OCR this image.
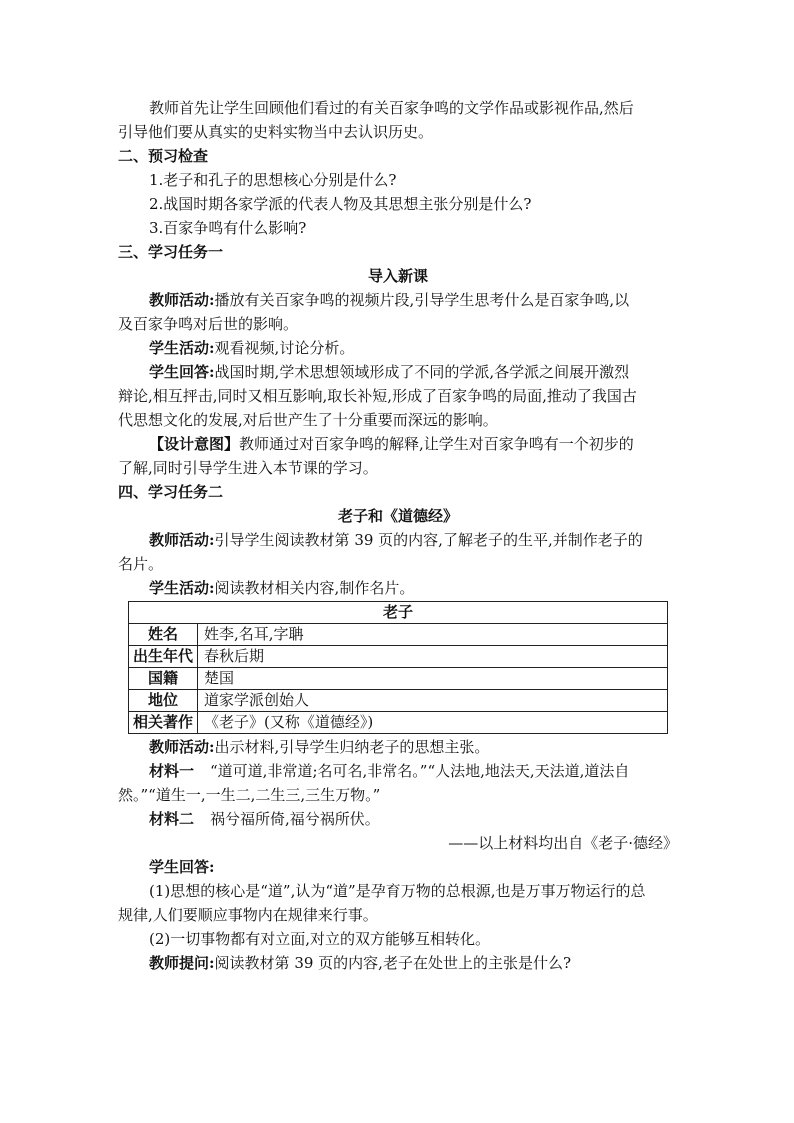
教师首先让学生回顾他们看过的有关百家争鸣的文学作品或影视作品,然后
引导他们要从真实的史料实物当中去认识历史。
二、预习检查
1.老子和孔子的思想核心分别是什么?
2.战国时期各家学派的代表人物及其思想主张分别是什么?
3.百家争鸣有什么影响?
三、学习任务一
导入新课
教师活动:播放有关百家争鸣的视频片段,引导学生思考什么是百家争鸣,以
及百家争鸣对后世的影响。
学生活动:观看视频,讨论分析。
学生回答:战国时期,学术思想领域形成了不同的学派,各学派之间展开激烈
辩论,相互抨击,同时又相互影响,取长补短,形成了百家争鸣的局面,推动了我国古
代思想文化的发展,对后世产生了十分重要而深远的影响。
【设计意图】教师通过对百家争鸣的解释,让学生对百家争鸣有一个初步的
了解,同时引导学生进入本节课的学习。
四、学习任务二
老子和《道德经》
教师活动:引导学生阅读教材第 39 页的内容,了解老子的生平,并制作老子的
名片。
学生活动:阅读教材相关内容,制作名片。
老子	
姓名	姓李,名耳,字聃
出生年代	春秋后期
国籍	楚国
地位	道家学派创始人
相关著作	《老子》(又称《道德经》)
教师活动:出示材料,引导学生归纳老子的思想主张。
材料一 “道可道,非常道;名可名,非常名。”“人法地,地法天,天法道,道法自
然。”“道生一,一生二,二生三,三生万物。”
材料二 祸兮福所倚,福兮祸所伏。
——以上材料均出自《老子·德经》
学生回答:
(1)思想的核心是“道”,认为“道”是孕育万物的总根源,也是万事万物运行的总
规律,人们要顺应事物内在规律来行事。
(2)一切事物都有对立面,对立的双方能够互相转化。
教师提问:阅读教材第 39 页的内容,老子在处世上的主张是什么?
